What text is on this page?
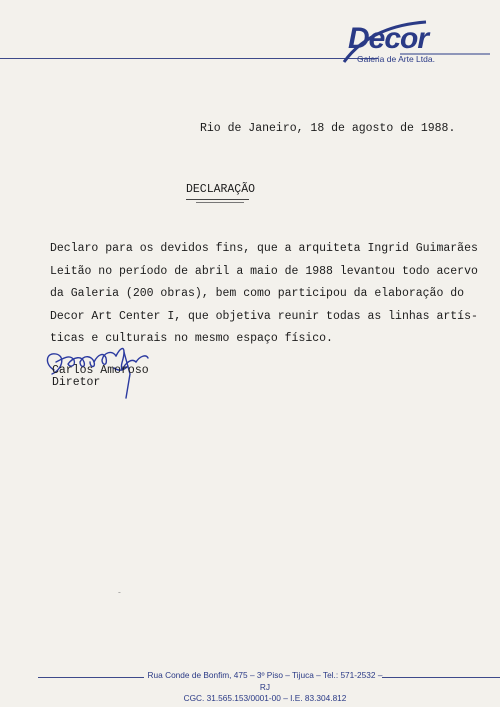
Decor
Galeria de Arte Ltda.
Rio de Janeiro, 18 de agosto de 1988.
DECLARAÇÃO
Declaro para os devidos fins, que a arquiteta Ingrid Guimarães
Leitão no período de abril a maio de 1988 levantou todo acervo
da Galeria (200 obras), bem como participou da elaboração do
Decor Art Center I, que objetiva reunir todas as linhas artís-
ticas e culturais no mesmo espaço físico.
Carlos Amoroso
Diretor
ˇ
Rua Conde de Bonfim, 475 – 3º Piso – Tijuca – Tel.: 571-2532 – RJ
CGC. 31.565.153/0001-00 – I.E. 83.304.812
